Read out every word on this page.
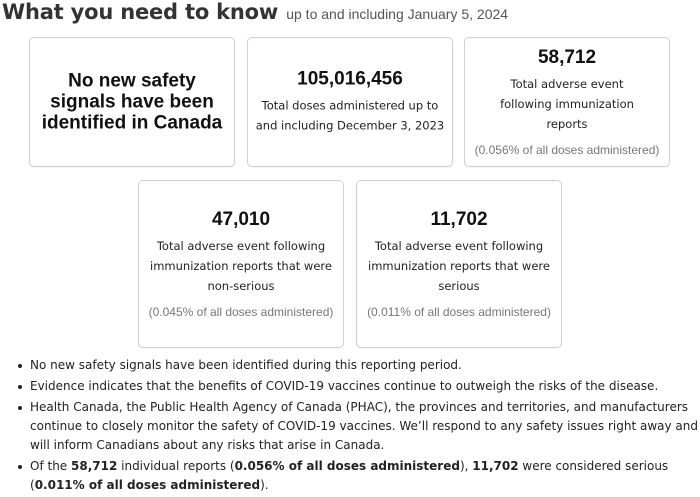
What you need to know up to and including January 5, 2024
No new safety signals have been identified in Canada
105,016,456
Total doses administered up to and including December 3, 2023
58,712
Total adverse event following immunization reports
(0.056% of all doses administered)
47,010
Total adverse event following immunization reports that were non-serious
(0.045% of all doses administered)
11,702
Total adverse event following immunization reports that were serious
(0.011% of all doses administered)
No new safety signals have been identified during this reporting period.
Evidence indicates that the benefits of COVID-19 vaccines continue to outweigh the risks of the disease.
Health Canada, the Public Health Agency of Canada (PHAC), the provinces and territories, and manufacturers continue to closely monitor the safety of COVID-19 vaccines. We’ll respond to any safety issues right away and will inform Canadians about any risks that arise in Canada.
Of the 58,712 individual reports (0.056% of all doses administered), 11,702 were considered serious (0.011% of all doses administered).
